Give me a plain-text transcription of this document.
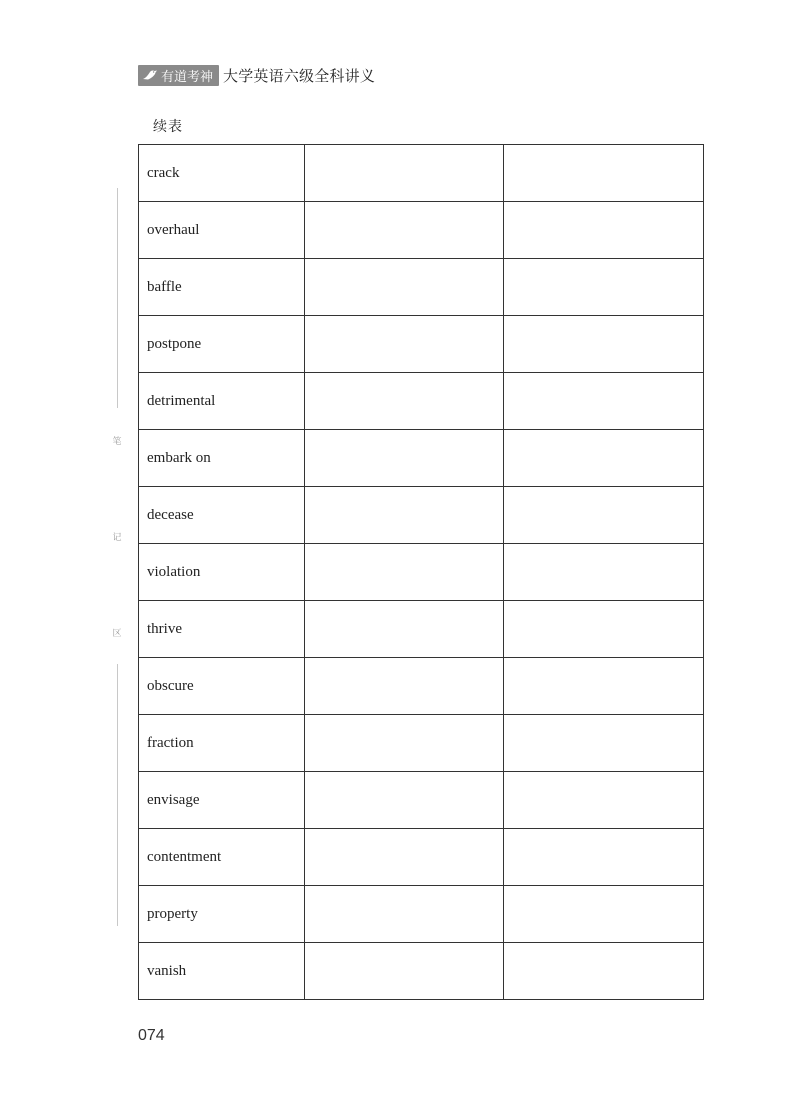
有道考神 大学英语六级全科讲义
续表
笔
记
区
crack		
overhaul		
baffle		
postpone		
detrimental		
embark on		
decease		
violation		
thrive		
obscure		
fraction		
envisage		
contentment		
property		
vanish		
074
